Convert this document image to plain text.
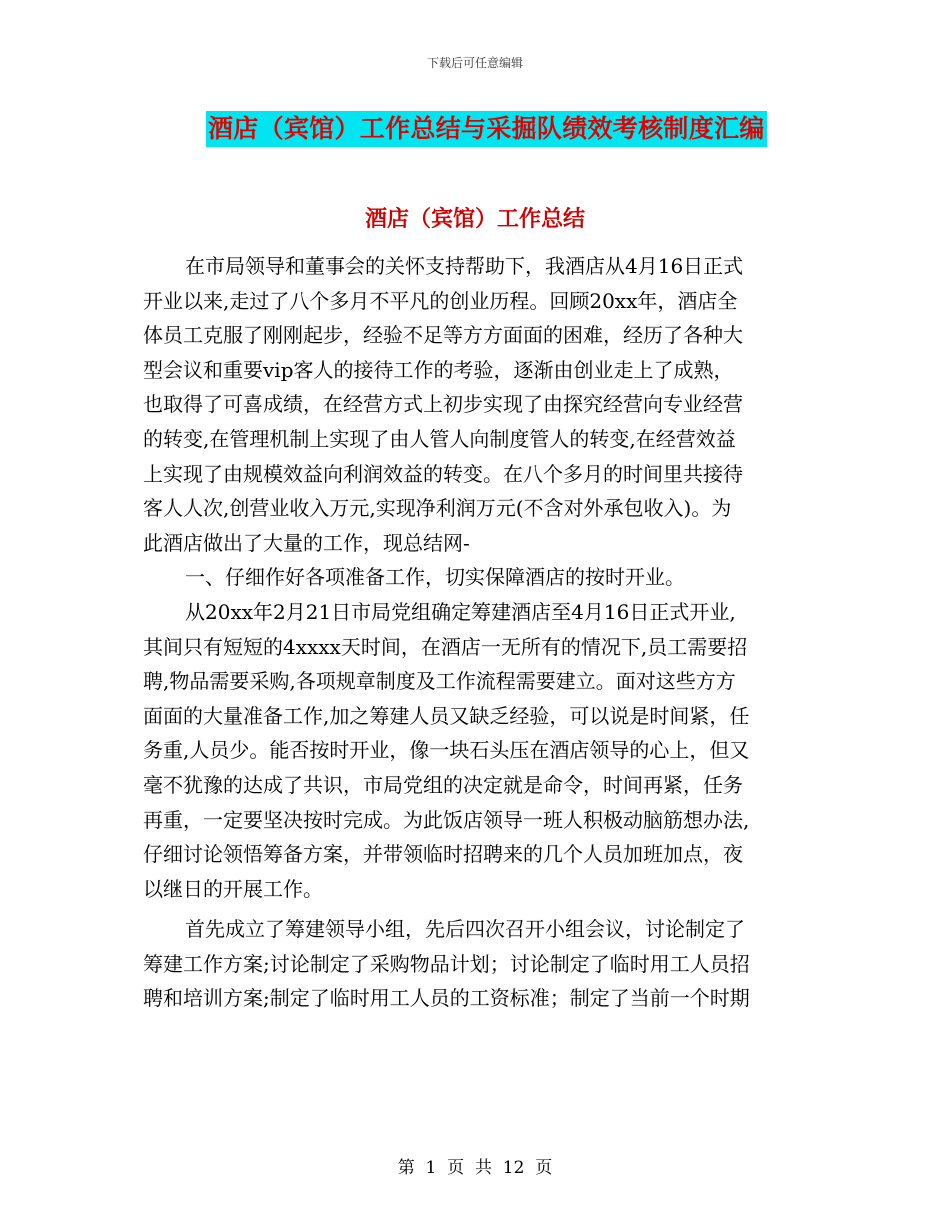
下载后可任意编辑
酒店（宾馆）工作总结与采掘队绩效考核制度汇编
酒店（宾馆）工作总结
在市局领导和董事会的关怀支持帮助下，我酒店从4月16日正式
开业以来,走过了八个多月不平凡的创业历程。回顾20xx年，酒店全
体员工克服了刚刚起步，经验不足等方方面面的困难，经历了各种大
型会议和重要vip客人的接待工作的考验，逐渐由创业走上了成熟，
也取得了可喜成绩，在经营方式上初步实现了由探究经营向专业经营
的转变,在管理机制上实现了由人管人向制度管人的转变,在经营效益
上实现了由规模效益向利润效益的转变。在八个多月的时间里共接待
客人人次,创营业收入万元,实现净利润万元(不含对外承包收入)。为
此酒店做出了大量的工作，现总结网-
一、仔细作好各项准备工作，切实保障酒店的按时开业。
从20xx年2月21日市局党组确定筹建酒店至4月16日正式开业,
其间只有短短的4xxxx天时间，在酒店一无所有的情况下,员工需要招
聘,物品需要采购,各项规章制度及工作流程需要建立。面对这些方方
面面的大量准备工作,加之筹建人员又缺乏经验，可以说是时间紧，任
务重,人员少。能否按时开业，像一块石头压在酒店领导的心上，但又
毫不犹豫的达成了共识，市局党组的决定就是命令，时间再紧，任务
再重，一定要坚决按时完成。为此饭店领导一班人积极动脑筋想办法,
仔细讨论领悟筹备方案，并带领临时招聘来的几个人员加班加点，夜
以继日的开展工作。
首先成立了筹建领导小组，先后四次召开小组会议，讨论制定了
筹建工作方案;讨论制定了采购物品计划；讨论制定了临时用工人员招
聘和培训方案;制定了临时用工人员的工资标准；制定了当前一个时期
第  1  页  共  12  页
